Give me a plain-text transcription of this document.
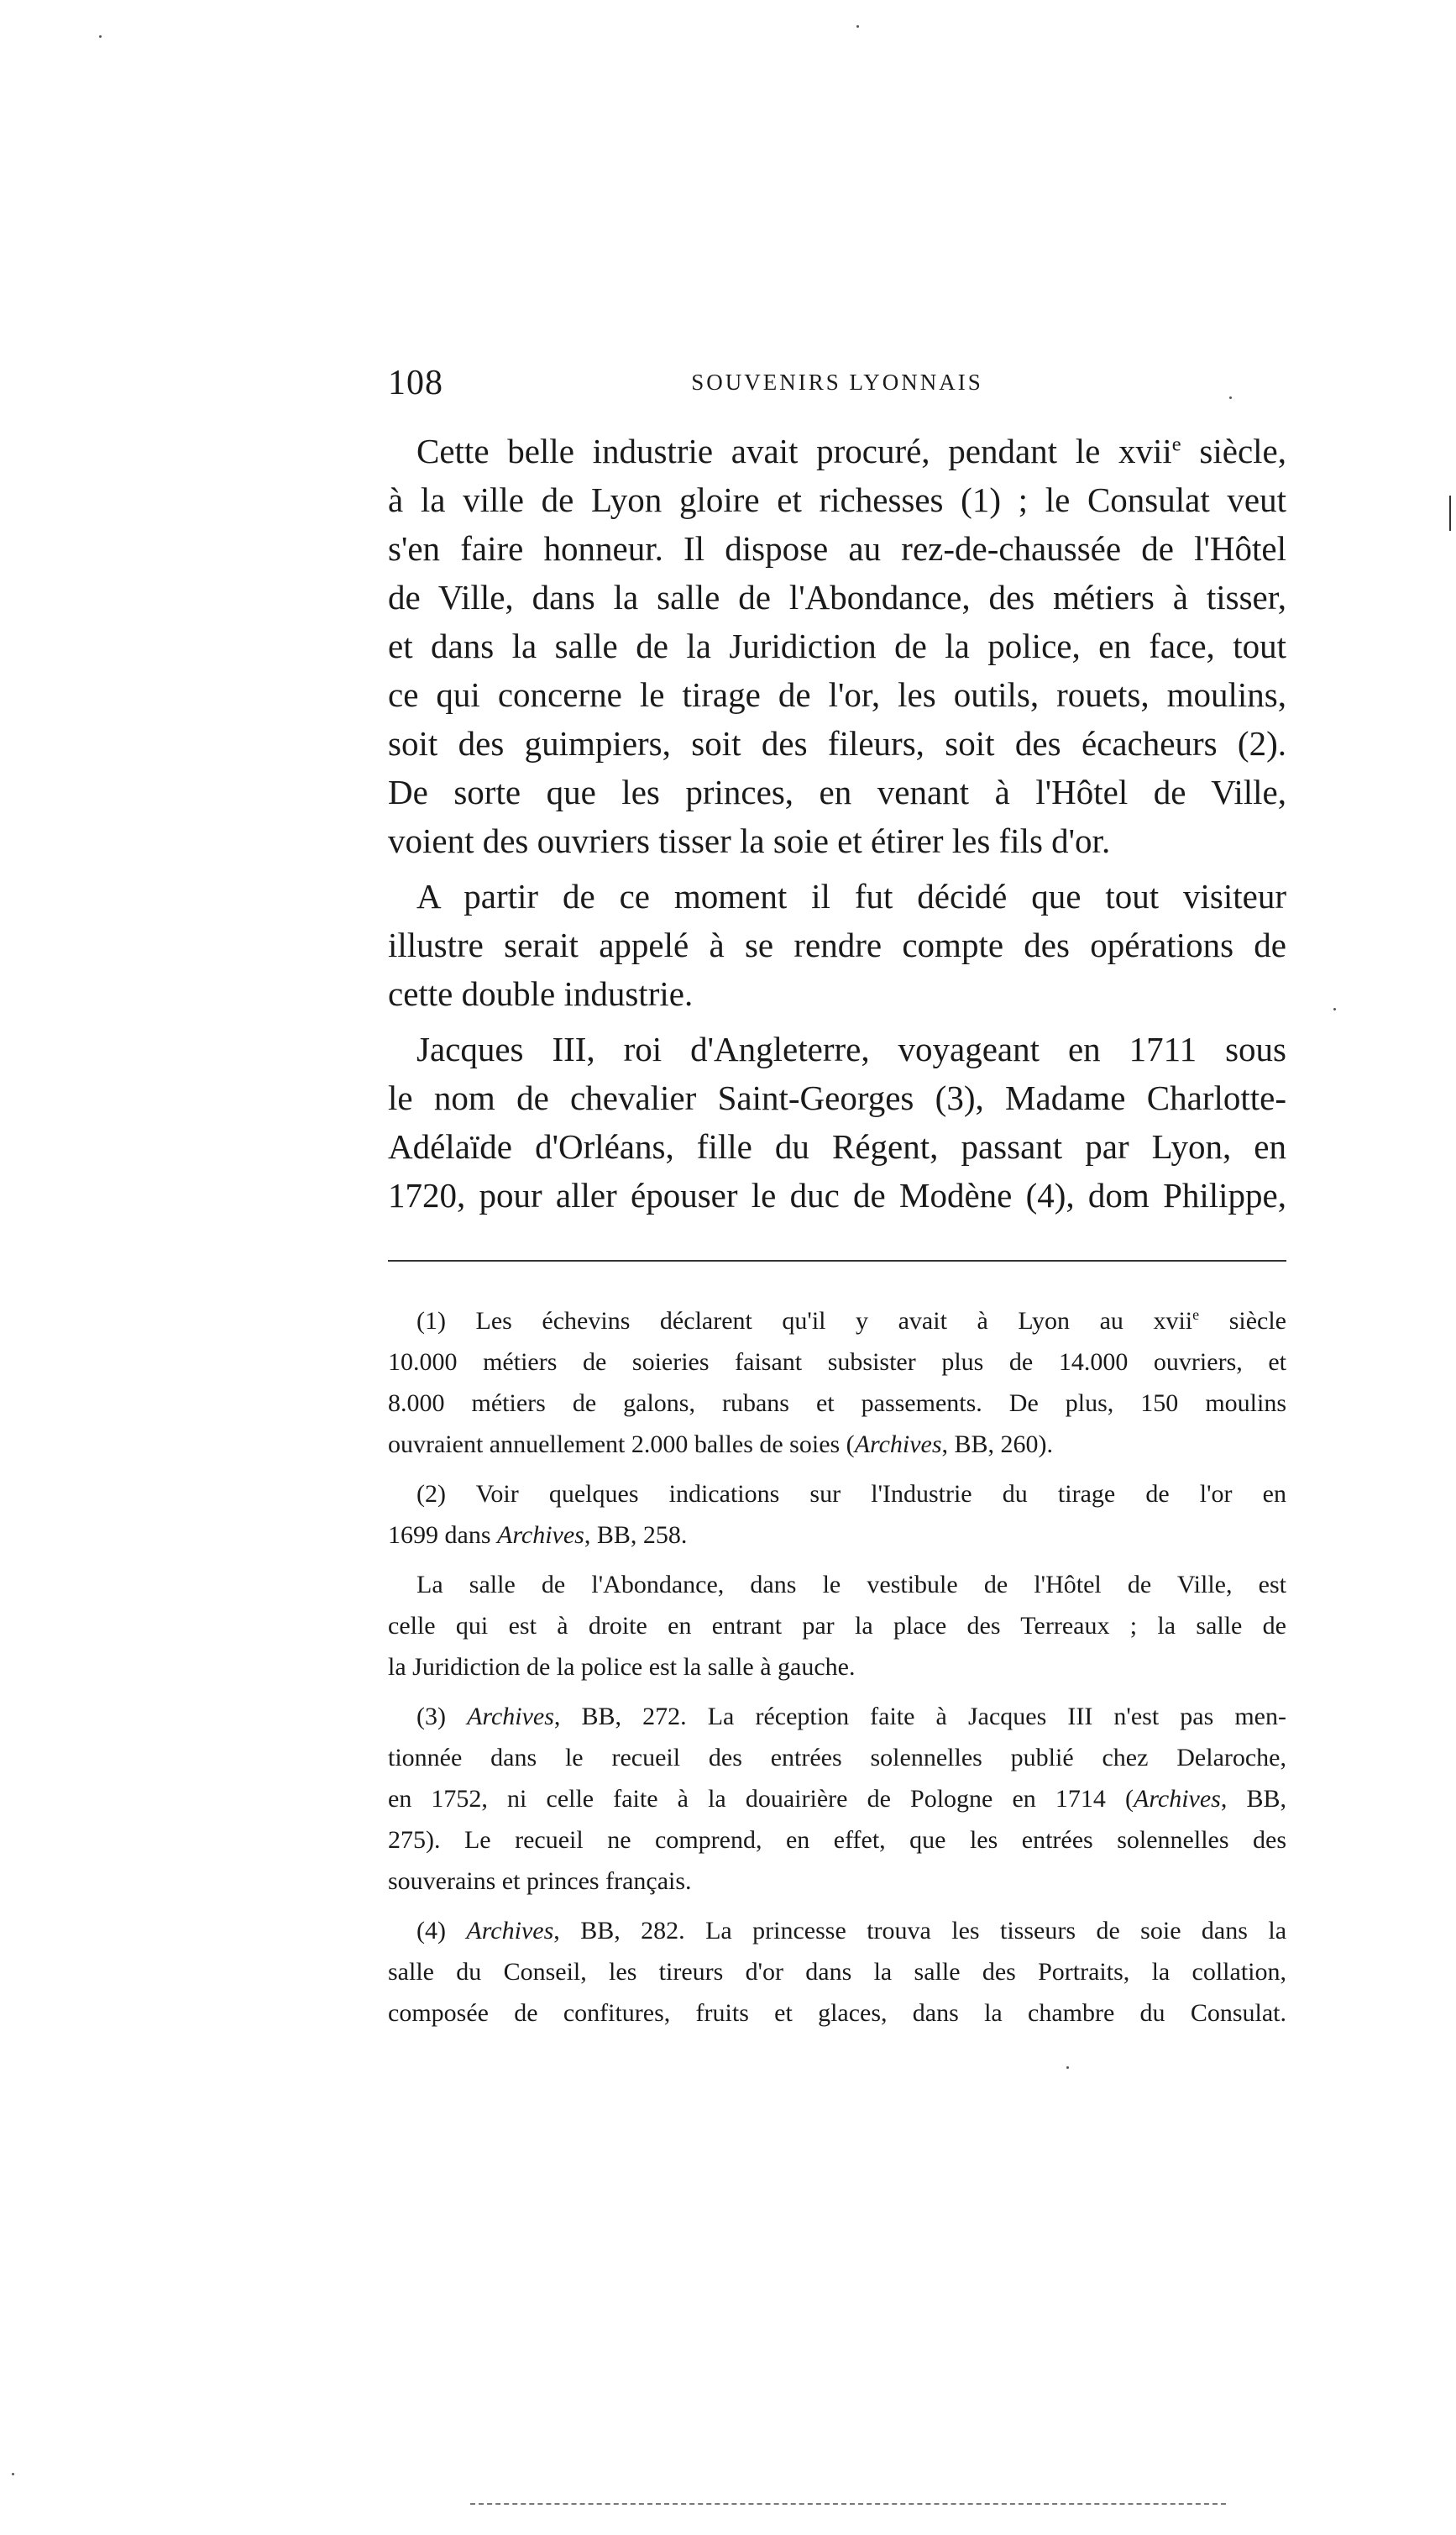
108	SOUVENIRS LYONNAIS
Cette belle industrie avait procuré, pendant le xvii$^e$ siècle,
à la ville de Lyon gloire et richesses (1) ; le Consulat veut
s'en faire honneur. Il dispose au rez-de-chaussée de l'Hôtel
de Ville, dans la salle de l'Abondance, des métiers à tisser,
et dans la salle de la Juridiction de la police, en face, tout
ce qui concerne le tirage de l'or, les outils, rouets, moulins,
soit des guimpiers, soit des fileurs, soit des écacheurs (2).
De sorte que les princes, en venant à l'Hôtel de Ville,
voient des ouvriers tisser la soie et étirer les fils d'or.
A partir de ce moment il fut décidé que tout visiteur
illustre serait appelé à se rendre compte des opérations de
cette double industrie.
Jacques III, roi d'Angleterre, voyageant en 1711 sous
le nom de chevalier Saint-Georges (3), Madame Charlotte-
Adélaïde d'Orléans, fille du Régent, passant par Lyon, en
1720, pour aller épouser le duc de Modène (4), dom Philippe,
(1) Les échevins déclarent qu'il y avait à Lyon au xvii$^e$ siècle
10.000 métiers de soieries faisant subsister plus de 14.000 ouvriers, et
8.000 métiers de galons, rubans et passements. De plus, 150 moulins
ouvraient annuellement 2.000 balles de soies (Archives, BB, 260).
(2) Voir quelques indications sur l'Industrie du tirage de l'or en
1699 dans Archives, BB, 258.
La salle de l'Abondance, dans le vestibule de l'Hôtel de Ville, est
celle qui est à droite en entrant par la place des Terreaux ; la salle de
la Juridiction de la police est la salle à gauche.
(3) Archives, BB, 272. La réception faite à Jacques III n'est pas men-
tionnée dans le recueil des entrées solennelles publié chez Delaroche,
en 1752, ni celle faite à la douairière de Pologne en 1714 (Archives, BB,
275). Le recueil ne comprend, en effet, que les entrées solennelles des
souverains et princes français.
(4) Archives, BB, 282. La princesse trouva les tisseurs de soie dans la
salle du Conseil, les tireurs d'or dans la salle des Portraits, la collation,
composée de confitures, fruits et glaces, dans la chambre du Consulat.
